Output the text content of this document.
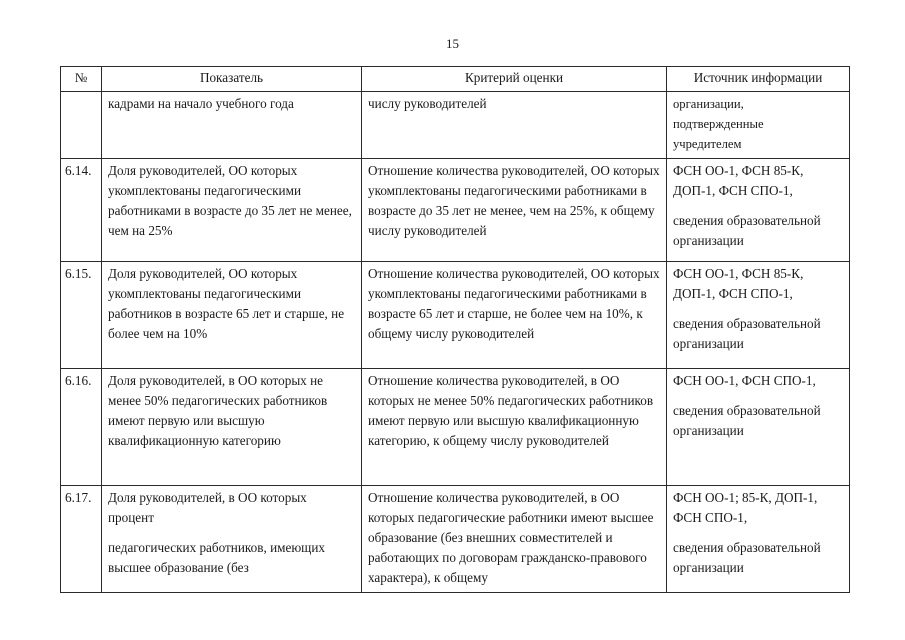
15
№	Показатель	Критерий оценки	Источник информации

	кадрами на начало учебного года	числу руководителей	организации,
подтвержденные
учредителем

6.14.	Доля руководителей, ОО которых укомплектованы педагогическими работниками в возрасте до 35 лет не менее, чем на 25%	Отношение количества руководителей, ОО которых укомплектованы педагогическими работниками в возрасте до 35 лет не менее, чем на 25%, к общему числу руководителей	ФСН ОО-1, ФСН 85-К, ДОП-1, ФСН СПО-1,
сведения образовательной организации

6.15.	Доля руководителей, ОО которых укомплектованы педагогическими работников в возрасте 65 лет и старше, не более чем на 10%	Отношение количества руководителей, ОО которых укомплектованы педагогическими работниками в возрасте 65 лет и старше, не более чем на 10%, к общему числу руководителей	ФСН ОО-1, ФСН 85-К, ДОП-1, ФСН СПО-1,
сведения образовательной организации

6.16.	Доля руководителей, в ОО которых не менее 50% педагогических работников имеют первую или высшую квалификационную категорию	Отношение количества руководителей, в ОО которых не менее 50% педагогических работников имеют первую или высшую квалификационную категорию, к общему числу руководителей	ФСН ОО-1, ФСН СПО-1,
сведения образовательной организации

6.17.	Доля руководителей, в ОО которых процент
педагогических работников, имеющих высшее образование (без	Отношение количества руководителей, в ОО которых педагогические работники имеют высшее образование (без внешних совместителей и работающих по договорам гражданско-правового характера), к общему	ФСН ОО-1; 85-К, ДОП-1, ФСН СПО-1,
сведения образовательной организации
